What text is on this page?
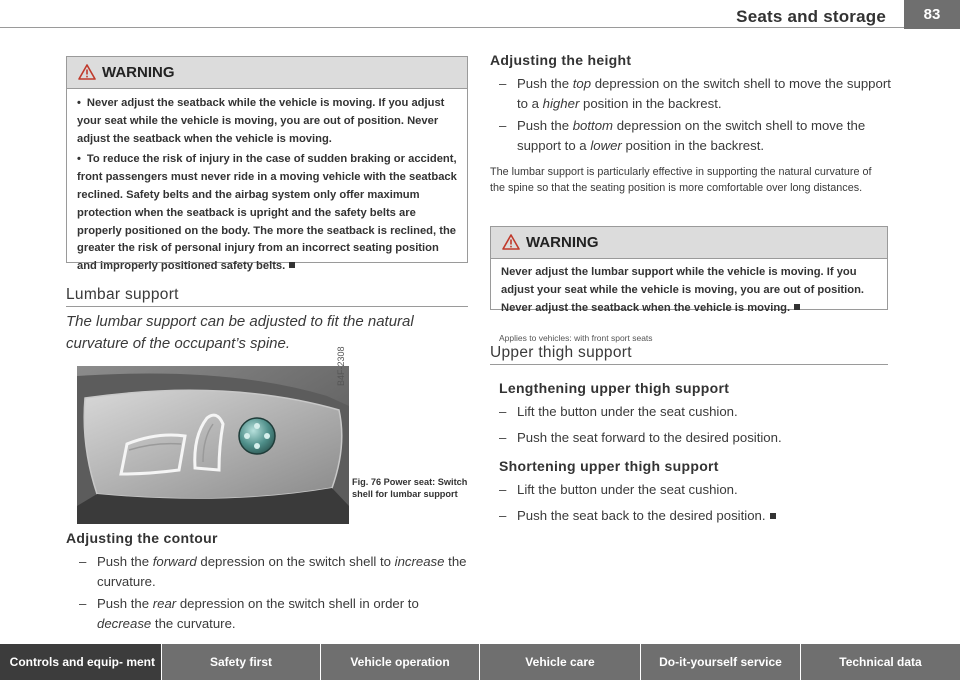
Seats and storage	83
WARNING

• Never adjust the seatback while the vehicle is moving. If you adjust your seat while the vehicle is moving, you are out of position. Never adjust the seatback when the vehicle is moving.

• To reduce the risk of injury in the case of sudden braking or accident, front passengers must never ride in a moving vehicle with the seatback reclined. Safety belts and the airbag system only offer maximum protection when the seatback is upright and the safety belts are properly positioned on the body. The more the seatback is reclined, the greater the risk of personal injury from an incorrect seating position and improperly positioned safety belts.

Lumbar support
The lumbar support can be adjusted to fit the natural curvature of the occupant’s spine.
B4F-2308
Fig. 76 Power seat: Switch shell for lumbar support
Adjusting the contour
– Push the forward depression on the switch shell to increase the curvature.
– Push the rear depression on the switch shell in order to decrease the curvature.
Adjusting the height
– Push the top depression on the switch shell to move the support to a higher position in the backrest.
– Push the bottom depression on the switch shell to move the support to a lower position in the backrest.
The lumbar support is particularly effective in supporting the natural curvature of the spine so that the seating position is more comfortable over long distances.
WARNING

Never adjust the lumbar support while the vehicle is moving. If you adjust your seat while the vehicle is moving, you are out of position. Never adjust the seatback when the vehicle is moving.

Applies to vehicles: with front sport seats
Upper thigh support
Lengthening upper thigh support
– Lift the button under the seat cushion.
– Push the seat forward to the desired position.
Shortening upper thigh support
– Lift the button under the seat cushion.
– Push the seat back to the desired position.
Controls and equip- ment	Safety first	Vehicle operation	Vehicle care	Do-it-yourself service	Technical data
